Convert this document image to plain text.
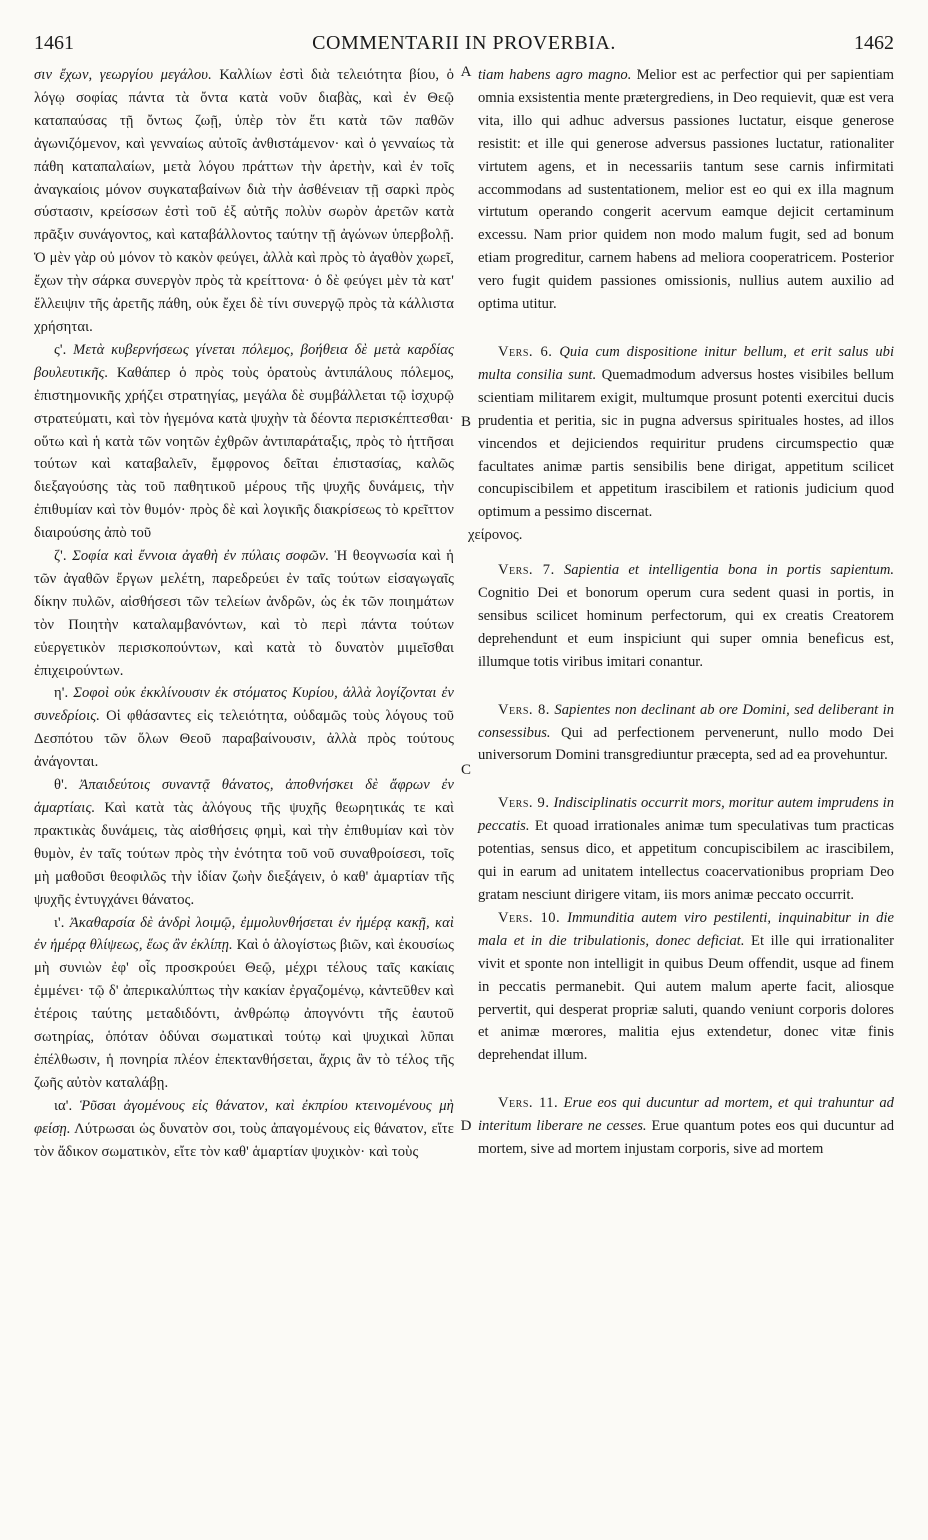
1461	COMMENTARII IN PROVERBIA.	1462

σιν ἔχων, γεωργίου μεγάλου. Καλλίων ἐστὶ διὰ τελειότητα βίου, ὁ λόγῳ σοφίας πάντα τὰ ὄντα κατὰ νοῦν διαβὰς, καὶ ἐν Θεῷ καταπαύσας τῇ ὄντως ζωῇ, ὑπὲρ τὸν ἔτι κατὰ τῶν παθῶν ἀγωνιζόμενον, καὶ γενναίως αὐτοῖς ἀνθιστάμενον· καὶ ὁ γενναίως τὰ πάθη καταπαλαίων, μετὰ λόγου πράττων τὴν ἀρετὴν, καὶ ἐν τοῖς ἀναγκαίοις μόνον συγκαταβαίνων διὰ τὴν ἀσθένειαν τῇ σαρκὶ πρὸς σύστασιν, κρείσσων ἐστὶ τοῦ ἐξ αὐτῆς πολὺν σωρὸν ἀρετῶν κατὰ πρᾶξιν συνάγοντος, καὶ καταβάλλοντος ταύτην τῇ ἀγώνων ὑπερβολῇ. Ὁ μὲν γὰρ οὐ μόνον τὸ κακὸν φεύγει, ἀλλὰ καὶ πρὸς τὸ ἀγαθὸν χωρεῖ, ἔχων τὴν σάρκα συνεργὸν πρὸς τὰ κρείττονα· ὁ δὲ φεύγει μὲν τὰ κατ' ἔλλειψιν τῆς ἀρετῆς πάθη, οὐκ ἔχει δὲ τίνι συνεργῷ πρὸς τὰ κάλλιστα χρήσηται.

ς'. Μετὰ κυβερνήσεως γίνεται πόλεμος, βοήθεια δὲ μετὰ καρδίας βουλευτικῆς. Καθάπερ ὁ πρὸς τοὺς ὁρατοὺς ἀντιπάλους πόλεμος, ἐπιστημονικῆς χρήζει στρατηγίας, μεγάλα δὲ συμβάλλεται τῷ ἰσχυρῷ στρατεύματι, καὶ τὸν ἡγεμόνα κατὰ ψυχὴν τὰ δέοντα περισκέπτεσθαι· οὕτω καὶ ἡ κατὰ τῶν νοητῶν ἐχθρῶν ἀντιπαράταξις, πρὸς τὸ ἡττῆσαι τούτων καὶ καταβαλεῖν, ἔμφρονος δεῖται ἐπιστασίας, καλῶς διεξαγούσης τὰς τοῦ παθητικοῦ μέρους τῆς ψυχῆς δυνάμεις, τὴν ἐπιθυμίαν καὶ τὸν θυμόν· πρὸς δὲ καὶ λογικῆς διακρίσεως τὸ κρεῖττον διαιρούσης ἀπὸ τοῦ

ζ'. Σοφία καὶ ἔννοια ἀγαθὴ ἐν πύλαις σοφῶν. Ἡ θεογνωσία καὶ ἡ τῶν ἀγαθῶν ἔργων μελέτη, παρεδρεύει ἐν ταῖς τούτων εἰσαγωγαῖς δίκην πυλῶν, αἰσθήσεσι τῶν τελείων ἀνδρῶν, ὡς ἐκ τῶν ποιημάτων τὸν Ποιητὴν καταλαμβανόντων, καὶ τὸ περὶ πάντα τούτων εὐεργετικὸν περισκοπούντων, καὶ κατὰ τὸ δυνατὸν μιμεῖσθαι ἐπιχειρούντων.

η'. Σοφοὶ οὐκ ἐκκλίνουσιν ἐκ στόματος Κυρίου, ἀλλὰ λογίζονται ἐν συνεδρίοις. Οἱ φθάσαντες εἰς τελειότητα, οὐδαμῶς τοὺς λόγους τοῦ Δεσπότου τῶν ὅλων Θεοῦ παραβαίνουσιν, ἀλλὰ πρὸς τούτους ἀνάγονται.

θ'. Ἀπαιδεύτοις συναντᾷ θάνατος, ἀποθνήσκει δὲ ἄφρων ἐν ἁμαρτίαις. Καὶ κατὰ τὰς ἀλόγους τῆς ψυχῆς θεωρητικάς τε καὶ πρακτικὰς δυνάμεις, τὰς αἰσθήσεις φημὶ, καὶ τὴν ἐπιθυμίαν καὶ τὸν θυμὸν, ἐν ταῖς τούτων πρὸς τὴν ἑνότητα τοῦ νοῦ συναθροίσεσι, τοῖς μὴ μαθοῦσι θεοφιλῶς τὴν ἰδίαν ζωὴν διεξάγειν, ὁ καθ' ἁμαρτίαν τῆς ψυχῆς ἐντυγχάνει θάνατος.

ι'. Ἀκαθαρσία δὲ ἀνδρὶ λοιμῷ, ἐμμολυνθήσεται ἐν ἡμέρᾳ κακῇ, καὶ ἐν ἡμέρᾳ θλίψεως, ἕως ἂν ἐκλίπῃ. Καὶ ὁ ἀλογίστως βιῶν, καὶ ἑκουσίως μὴ συνιὼν ἐφ' οἷς προσκρούει Θεῷ, μέχρι τέλους ταῖς κακίαις ἐμμένει· τῷ δ' ἀπερικαλύπτως τὴν κακίαν ἐργαζομένῳ, κἀντεῦθεν καὶ ἑτέροις ταύτης μεταδιδόντι, ἀνθρώπῳ ἀπογνόντι τῆς ἑαυτοῦ σωτηρίας, ὁπόταν ὀδύναι σωματικαὶ τούτῳ καὶ ψυχικαὶ λῦπαι ἐπέλθωσιν, ἡ πονηρία πλέον ἐπεκτανθήσεται, ἄχρις ἂν τὸ τέλος τῆς ζωῆς αὐτὸν καταλάβῃ.

ια'. Ῥῦσαι ἀγομένους εἰς θάνατον, καὶ ἐκπρίου κτεινομένους μὴ φείσῃ. Λύτρωσαι ὡς δυνατὸν σοι, τοὺς ἀπαγομένους εἰς θάνατον, εἴτε τὸν ἄδικον σωματικὸν, εἴτε τὸν καθ' ἁμαρτίαν ψυχικὸν· καὶ τοὺς

A
B
C
D

tiam habens agro magno. Melior est ac perfectior qui per sapientiam omnia exsistentia mente prætergrediens, in Deo requievit, quæ est vera vita, illo qui adhuc adversus passiones luctatur, eisque generose resistit: et ille qui generose adversus passiones luctatur, rationaliter virtutem agens, et in necessariis tantum sese carnis infirmitati accommodans ad sustentationem, melior est eo qui ex illa magnum virtutum operando congerit acervum eamque dejicit certaminum excessu. Nam prior quidem non modo malum fugit, sed ad bonum etiam progreditur, carnem habens ad meliora cooperatricem. Posterior vero fugit quidem passiones omissionis, nullius autem auxilio ad optima utitur.

Vers. 6. Quia cum dispositione initur bellum, et erit salus ubi multa consilia sunt. Quemadmodum adversus hostes visibiles bellum scientiam militarem exigit, multumque prosunt potenti exercitui ducis prudentia et peritia, sic in pugna adversus spirituales hostes, ad illos vincendos et dejiciendos requiritur prudens circumspectio quæ facultates animæ partis sensibilis bene dirigat, appetitum scilicet concupiscibilem et appetitum irascibilem et rationis judicium quod optimum a pessimo discernat.

χείρονος.

Vers. 7. Sapientia et intelligentia bona in portis sapientum. Cognitio Dei et bonorum operum cura sedent quasi in portis, in sensibus scilicet hominum perfectorum, qui ex creatis Creatorem deprehendunt et eum inspiciunt qui super omnia beneficus est, illumque totis viribus imitari conantur.

Vers. 8. Sapientes non declinant ab ore Domini, sed deliberant in consessibus. Qui ad perfectionem pervenerunt, nullo modo Dei universorum Domini transgrediuntur præcepta, sed ad ea provehuntur.

Vers. 9. Indisciplinatis occurrit mors, moritur autem imprudens in peccatis. Et quoad irrationales animæ tum speculativas tum practicas potentias, sensus dico, et appetitum concupiscibilem ac irascibilem, qui in earum ad unitatem intellectus coacervationibus propriam Deo gratam nesciunt dirigere vitam, iis mors animæ peccato occurrit.

Vers. 10. Immunditia autem viro pestilenti, inquinabitur in die mala et in die tribulationis, donec deficiat. Et ille qui irrationaliter vivit et sponte non intelligit in quibus Deum offendit, usque ad finem in peccatis permanebit. Qui autem malum aperte facit, aliosque pervertit, qui desperat propriæ saluti, quando veniunt corporis dolores et animæ mœrores, malitia ejus extendetur, donec vitæ finis deprehendat illum.

Vers. 11. Erue eos qui ducuntur ad mortem, et qui trahuntur ad interitum liberare ne cesses. Erue quantum potes eos qui ducuntur ad mortem, sive ad mortem injustam corporis, sive ad mortem
